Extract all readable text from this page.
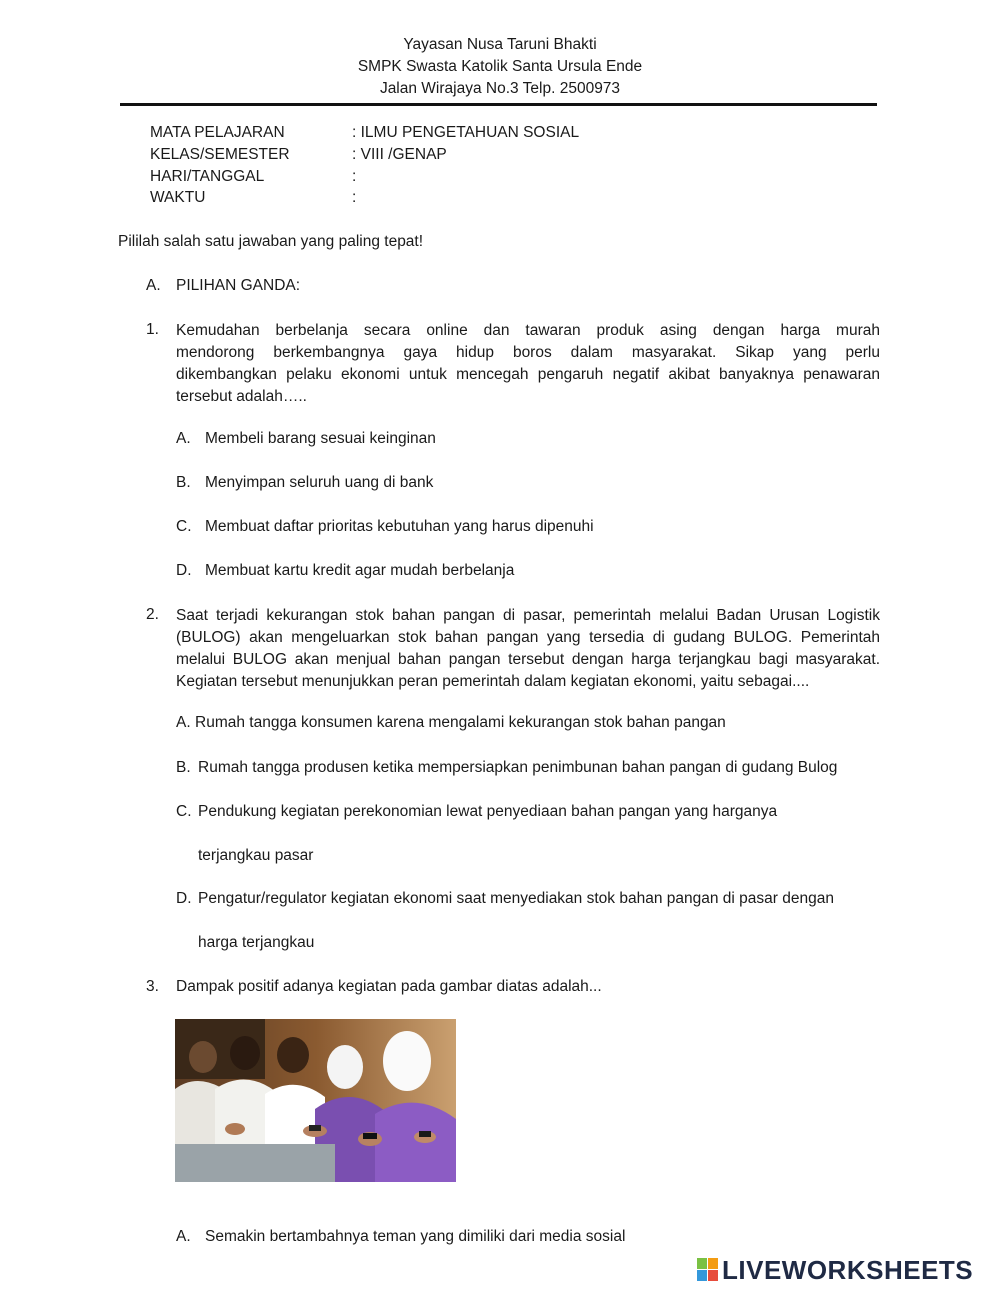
Yayasan Nusa Taruni Bhakti
SMPK Swasta Katolik Santa Ursula Ende
Jalan Wirajaya No.3 Telp. 2500973
MATA PELAJARAN	: ILMU PENGETAHUAN SOSIAL
KELAS/SEMESTER	: VIII /GENAP
HARI/TANGGAL	:
WAKTU	:
Pililah salah satu jawaban yang paling tepat!
A. PILIHAN GANDA:
1. Kemudahan berbelanja secara online dan tawaran produk asing dengan harga murah
mendorong berkembangnya gaya hidup boros dalam masyarakat. Sikap yang perlu
dikembangkan pelaku ekonomi untuk mencegah pengaruh negatif akibat banyaknya penawaran
tersebut adalah…..
A. Membeli barang sesuai keinginan
B. Menyimpan seluruh uang di bank
C. Membuat daftar prioritas kebutuhan yang harus dipenuhi
D. Membuat kartu kredit agar mudah berbelanja
2. Saat terjadi kekurangan stok bahan pangan di pasar, pemerintah melalui Badan Urusan Logistik
(BULOG) akan mengeluarkan stok bahan pangan yang tersedia di gudang BULOG. Pemerintah
melalui BULOG akan menjual bahan pangan tersebut dengan harga terjangkau bagi masyarakat.
Kegiatan tersebut menunjukkan peran pemerintah dalam kegiatan ekonomi, yaitu sebagai....
A. Rumah tangga konsumen karena mengalami kekurangan stok bahan pangan
B. Rumah tangga produsen ketika mempersiapkan penimbunan bahan pangan di gudang Bulog
C. Pendukung kegiatan perekonomian lewat penyediaan bahan pangan yang harganya
terjangkau pasar
D. Pengatur/regulator kegiatan ekonomi saat menyediakan stok bahan pangan di pasar dengan
harga terjangkau
3. Dampak positif adanya kegiatan pada gambar diatas adalah...
A. Semakin bertambahnya teman yang dimiliki dari media sosial
LIVEWORKSHEETS
